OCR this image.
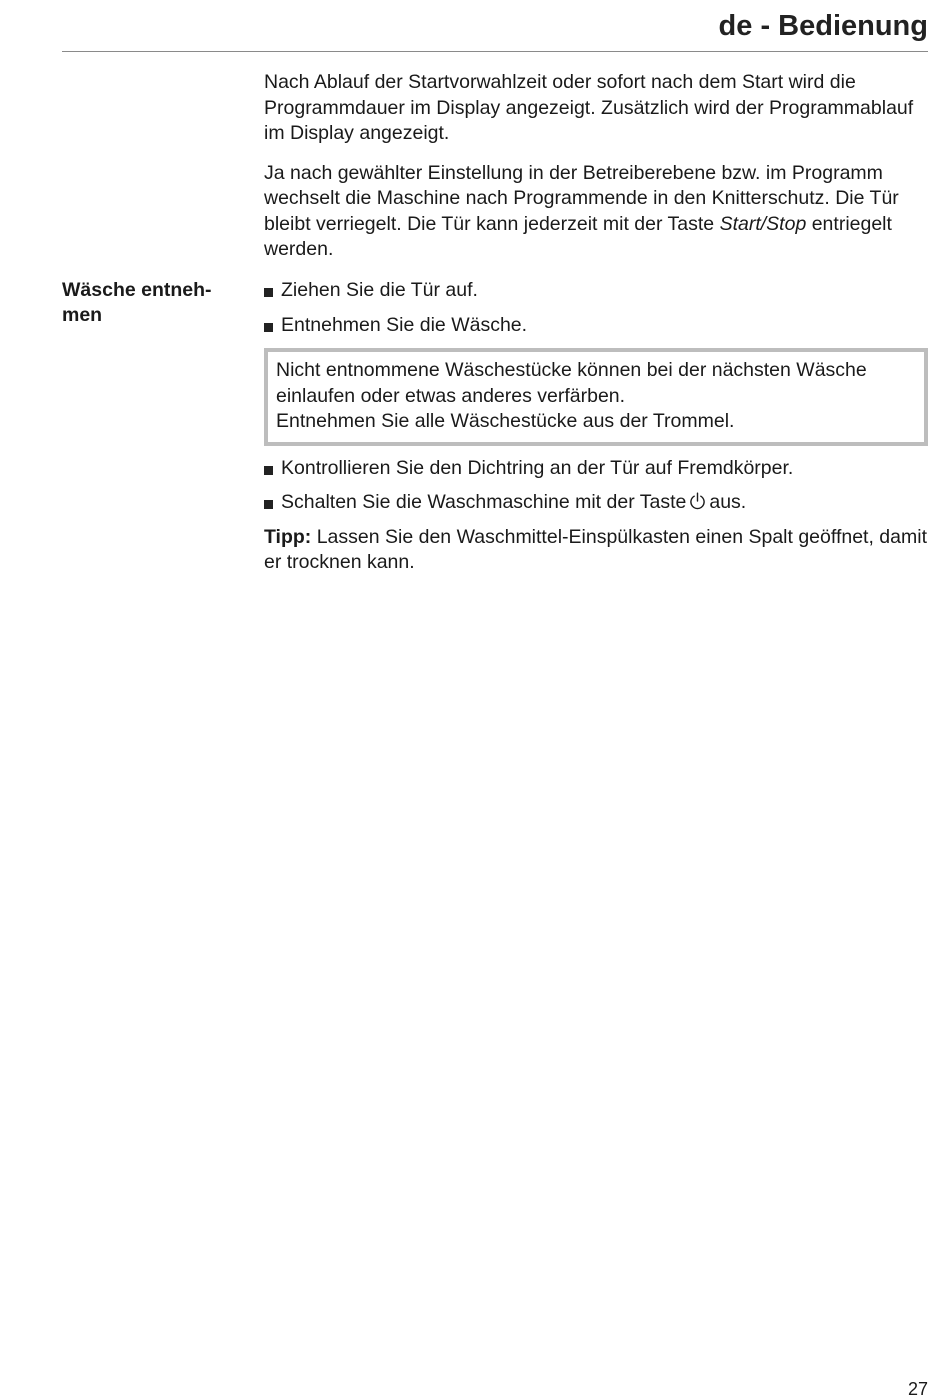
de - Bedienung

Nach Ablauf der Startvorwahlzeit oder sofort nach dem Start wird die Programmdauer im Display angezeigt. Zusätzlich wird der Programmablauf im Display angezeigt.

Ja nach gewählter Einstellung in der Betreiberebene bzw. im Programm wechselt die Maschine nach Programmende in den Knitterschutz. Die Tür bleibt verriegelt. Die Tür kann jederzeit mit der Taste Start/Stop entriegelt werden.

Wäsche entnehmen
Ziehen Sie die Tür auf.
Entnehmen Sie die Wäsche.

Nicht entnommene Wäschestücke können bei der nächsten Wäsche einlaufen oder etwas anderes verfärben.

Entnehmen Sie alle Wäschestücke aus der Trommel.

Kontrollieren Sie den Dichtring an der Tür auf Fremdkörper.
Schalten Sie die Waschmaschine mit der Taste aus.

Tipp: Lassen Sie den Waschmittel-Einspülkasten einen Spalt geöffnet, damit er trocknen kann.

27
